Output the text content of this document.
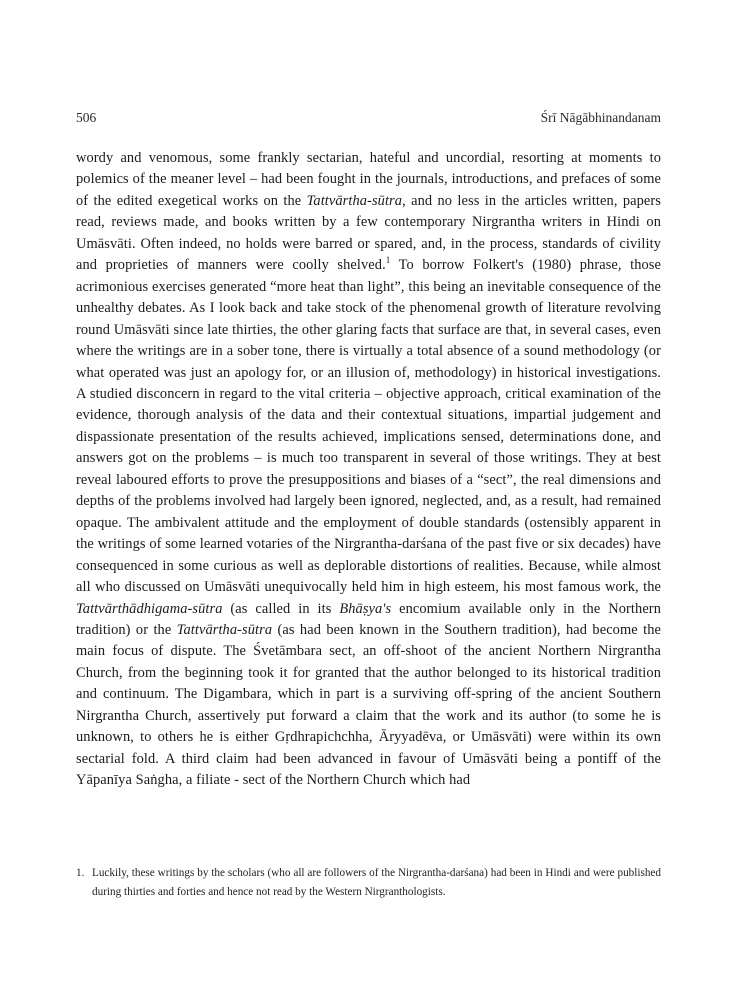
506	Śrī Nāgābhinandanam

wordy and venomous, some frankly sectarian, hateful and uncordial, resorting at moments to polemics of the meaner level – had been fought in the journals, introductions, and prefaces of some of the edited exegetical works on the Tattvārtha-sūtra, and no less in the articles written, papers read, reviews made, and books written by a few contemporary Nirgrantha writers in Hindi on Umāsvāti. Often indeed, no holds were barred or spared, and, in the process, standards of civility and proprieties of manners were coolly shelved.$^1$ To borrow Folkert's (1980) phrase, those acrimonious exercises generated “more heat than light”, this being an inevitable consequence of the unhealthy debates. As I look back and take stock of the phenomenal growth of literature revolving round Umāsvāti since late thirties, the other glaring facts that surface are that, in several cases, even where the writings are in a sober tone, there is virtually a total absence of a sound methodology (or what operated was just an apology for, or an illusion of, methodology) in historical investigations. A studied disconcern in regard to the vital criteria – objective approach, critical examination of the evidence, thorough analysis of the data and their contextual situations, impartial judgement and dispassionate presentation of the results achieved, implications sensed, determinations done, and answers got on the problems – is much too transparent in several of those writings. They at best reveal laboured efforts to prove the presuppositions and biases of a “sect”, the real dimensions and depths of the problems involved had largely been ignored, neglected, and, as a result, had remained opaque. The ambivalent attitude and the employment of double standards (ostensibly apparent in the writings of some learned votaries of the Nirgrantha-darśana of the past five or six decades) have consequenced in some curious as well as deplorable distortions of realities. Because, while almost all who discussed on Umāsvāti unequivocally held him in high esteem, his most famous work, the Tattvārthādhigama-sūtra (as called in its Bhāṣya's encomium available only in the Northern tradition) or the Tattvārtha-sūtra (as had been known in the Southern tradition), had become the main focus of dispute. The Śvetāmbara sect, an off-shoot of the ancient Northern Nirgrantha Church, from the beginning took it for granted that the author belonged to its historical tradition and continuum. The Digambara, which in part is a surviving off-spring of the ancient Southern Nirgrantha Church, assertively put forward a claim that the work and its author (to some he is unknown, to others he is either Gṛdhrapichchha, Āryyadēva, or Umāsvāti) were within its own sectarial fold. A third claim had been advanced in favour of Umāsvāti being a pontiff of the Yāpanīya Saṅgha, a filiate - sect of the Northern Church which had

1. Luckily, these writings by the scholars (who all are followers of the Nirgrantha-darśana) had been in Hindi and were published during thirties and forties and hence not read by the Western Nirgranthologists.
